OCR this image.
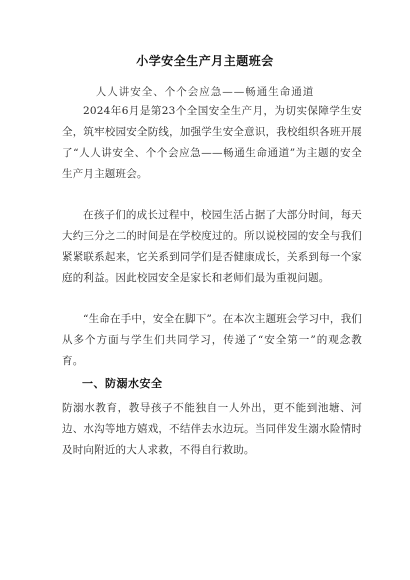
小学安全生产月主题班会
人人讲安全、个个会应急——畅通生命通道

2024年6月是第23个全国安全生产月，为切实保障学生安全，筑牢校园安全防线，加强学生安全意识，我校组织各班开展了“人人讲安全、个个会应急——畅通生命通道”为主题的安全生产月主题班会。

在孩子们的成长过程中，校园生活占据了大部分时间，每天大约三分之二的时间是在学校度过的。所以说校园的安全与我们紧紧联系起来，它关系到同学们是否健康成长，关系到每一个家庭的利益。因此校园安全是家长和老师们最为重视问题。

“生命在手中，安全在脚下”。在本次主题班会学习中，我们从多个方面与学生们共同学习，传递了“安全第一”的观念教育。

一、防溺水安全

防溺水教育，教导孩子不能独自一人外出，更不能到池塘、河边、水沟等地方嬉戏，不结伴去水边玩。当同伴发生溺水险情时及时向附近的大人求救，不得自行救助。
